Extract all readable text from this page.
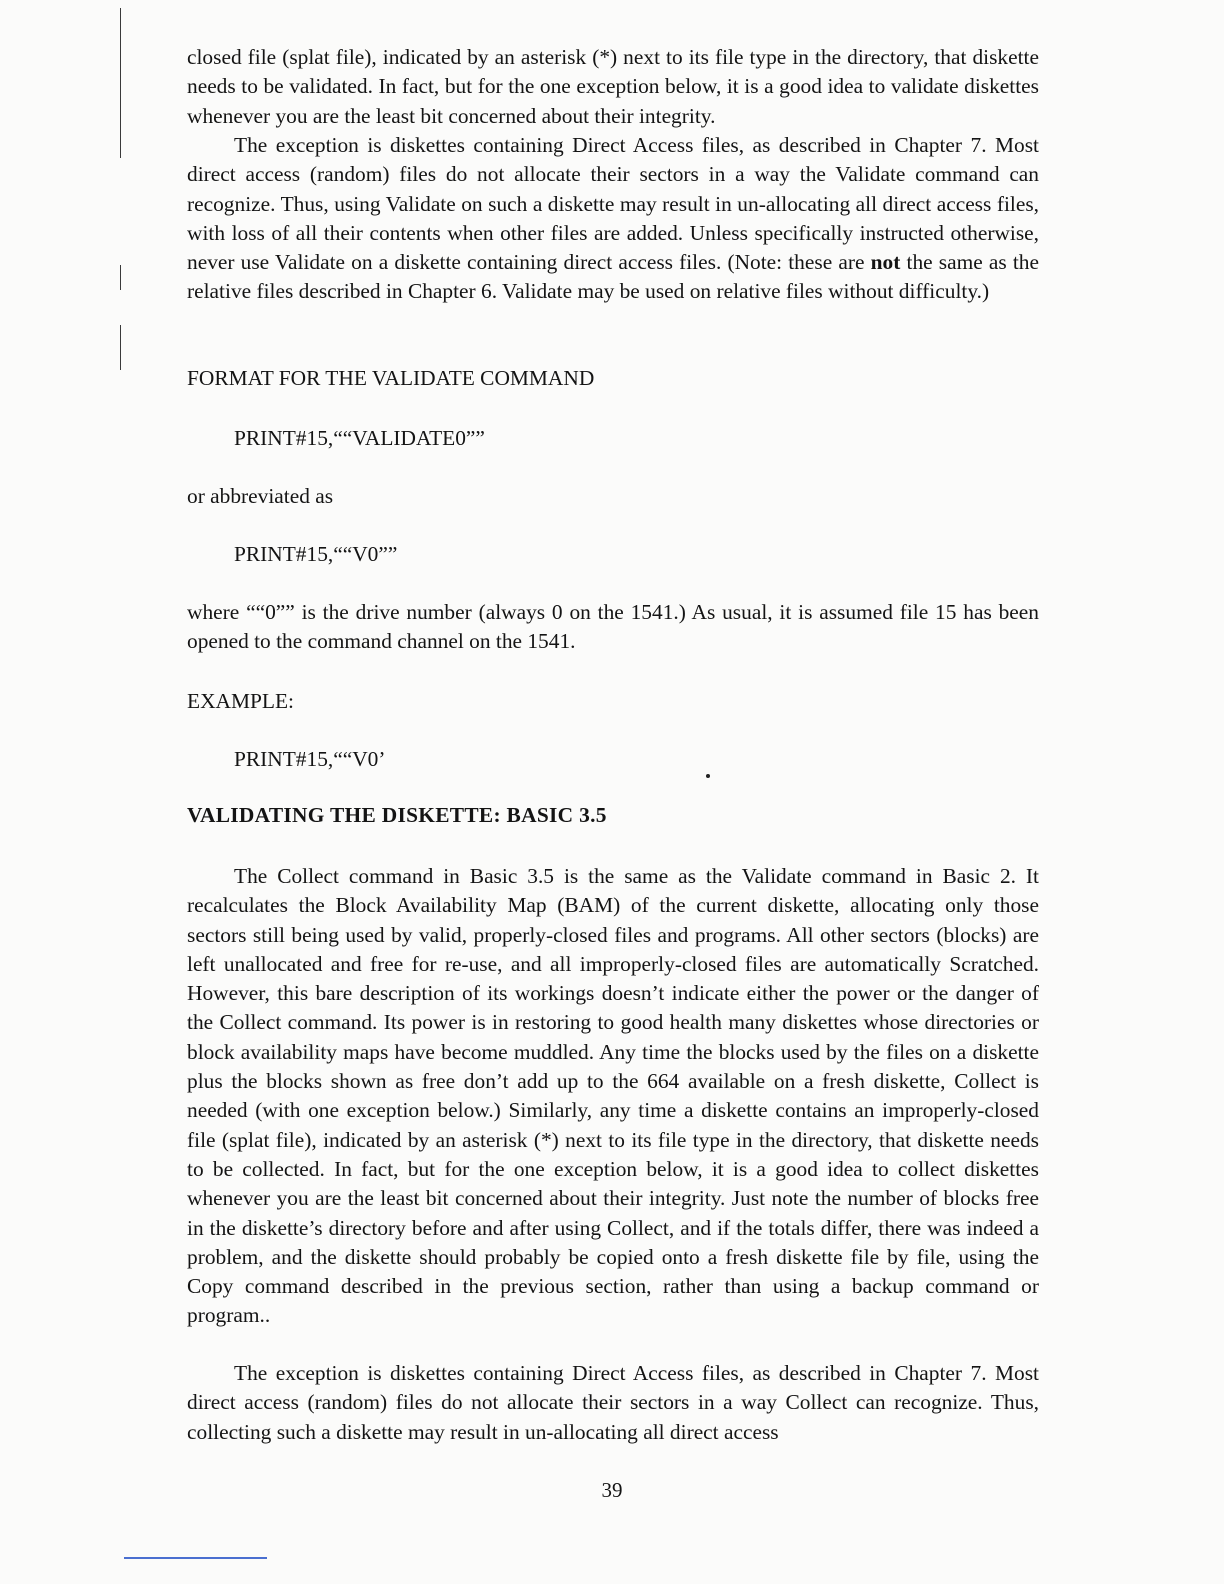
closed file (splat file), indicated by an asterisk (*) next to its file type in the directory, that diskette needs to be validated. In fact, but for the one exception below, it is a good idea to validate diskettes whenever you are the least bit concerned about their integrity.

The exception is diskettes containing Direct Access files, as described in Chapter 7. Most direct access (random) files do not allocate their sectors in a way the Validate command can recognize. Thus, using Validate on such a diskette may result in un-allocating all direct access files, with loss of all their contents when other files are added. Unless specifically instructed otherwise, never use Validate on a diskette containing direct access files. (Note: these are not the same as the relative files described in Chapter 6. Validate may be used on relative files without difficulty.)

FORMAT FOR THE VALIDATE COMMAND

PRINT#15,““VALIDATE0””

or abbreviated as

PRINT#15,““V0””

where ““0”” is the drive number (always 0 on the 1541.) As usual, it is assumed file 15 has been opened to the command channel on the 1541.

EXAMPLE:

PRINT#15,““V0’

VALIDATING THE DISKETTE: BASIC 3.5

The Collect command in Basic 3.5 is the same as the Validate command in Basic 2. It recalculates the Block Availability Map (BAM) of the current diskette, allocating only those sectors still being used by valid, properly-closed files and programs. All other sectors (blocks) are left unallocated and free for re-use, and all improperly-closed files are automatically Scratched. However, this bare description of its workings doesn’t indicate either the power or the danger of the Collect command. Its power is in restoring to good health many diskettes whose directories or block availability maps have become muddled. Any time the blocks used by the files on a diskette plus the blocks shown as free don’t add up to the 664 available on a fresh diskette, Collect is needed (with one exception below.) Similarly, any time a diskette contains an improperly-closed file (splat file), indicated by an asterisk (*) next to its file type in the directory, that diskette needs to be collected. In fact, but for the one exception below, it is a good idea to collect diskettes whenever you are the least bit concerned about their integrity. Just note the number of blocks free in the diskette’s directory before and after using Collect, and if the totals differ, there was indeed a problem, and the diskette should probably be copied onto a fresh diskette file by file, using the Copy command described in the previous section, rather than using a backup command or program..

The exception is diskettes containing Direct Access files, as described in Chapter 7. Most direct access (random) files do not allocate their sectors in a way Collect can recognize. Thus, collecting such a diskette may result in un-allocating all direct access

39
